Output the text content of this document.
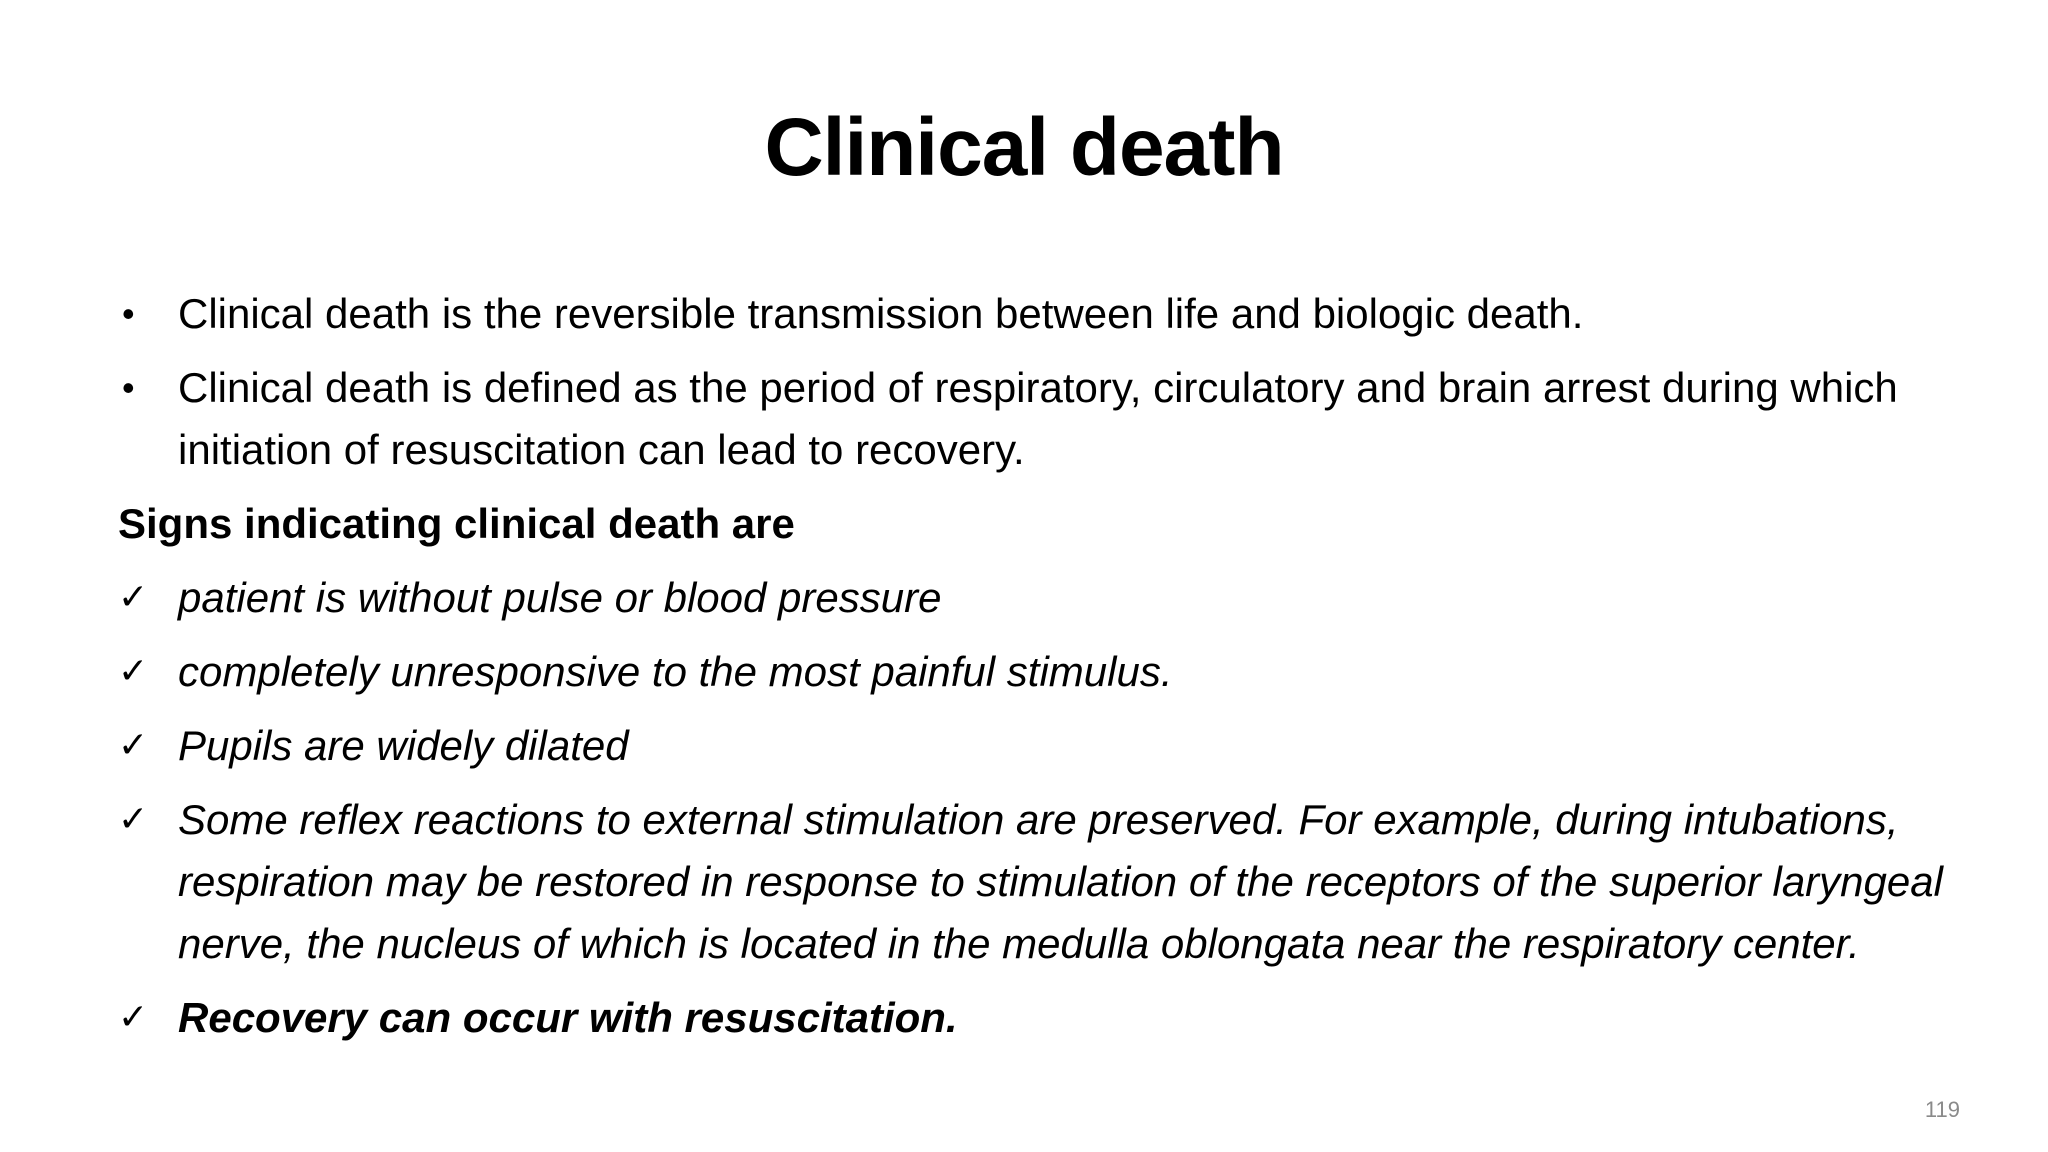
Clinical death
•	Clinical death is the reversible transmission between life and biologic death.
•	Clinical death is defined as the period of respiratory, circulatory and brain arrest during which initiation of resuscitation can lead to recovery.
Signs indicating clinical death are
✓ patient is without pulse or blood pressure
✓ completely unresponsive to the most painful stimulus.
✓ Pupils are widely dilated
✓ Some reflex reactions to external stimulation are preserved. For example, during intubations, respiration may be restored in response to stimulation of the receptors of the superior laryngeal nerve, the nucleus of which is located in the medulla oblongata near the respiratory center.
✓ Recovery can occur with resuscitation.
119
